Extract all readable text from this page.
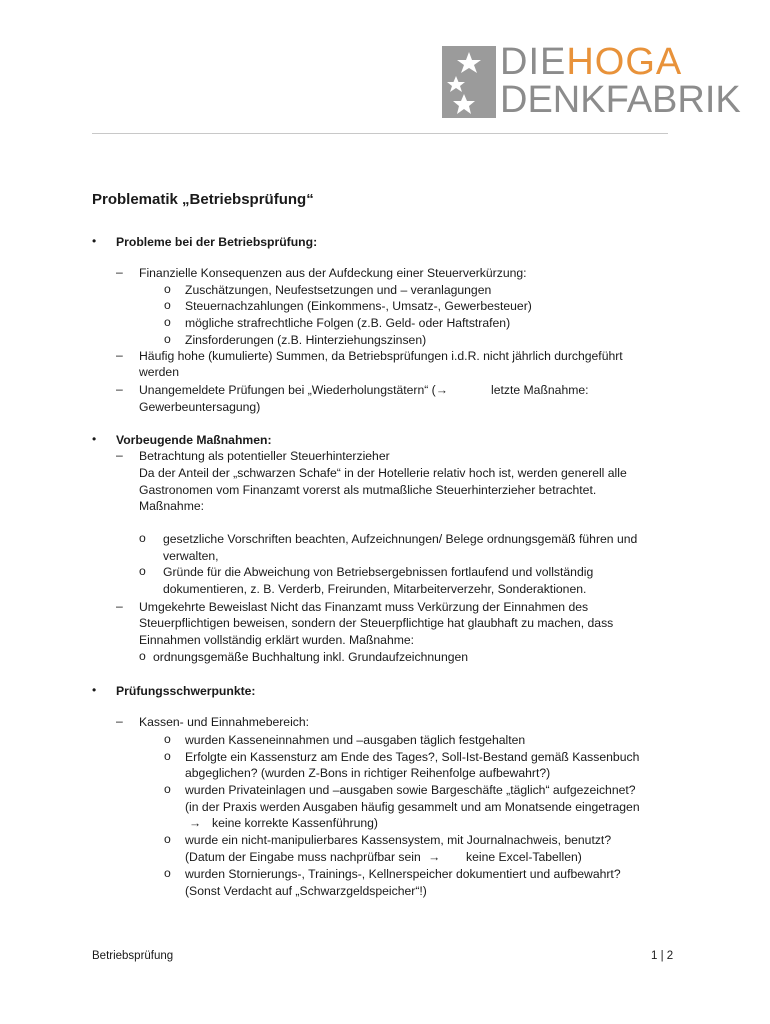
DIEHOGA
DENKFABRIK
Problematik „Betriebsprüfung“
• Probleme bei der Betriebsprüfung:
– Finanzielle Konsequenzen aus der Aufdeckung einer Steuerverkürzung:
o Zuschätzungen, Neufestsetzungen und – veranlagungen
o Steuernachzahlungen (Einkommens-, Umsatz-, Gewerbesteuer)
o mögliche strafrechtliche Folgen (z.B. Geld- oder Haftstrafen)
o Zinsforderungen (z.B. Hinterziehungszinsen)
– Häufig hohe (kumulierte) Summen, da Betriebsprüfungen i.d.R. nicht jährlich durchgeführt
werden
– Unangemeldete Prüfungen bei „Wiederholungstätern“ (→	letzte Maßnahme:
Gewerbeuntersagung)
• Vorbeugende Maßnahmen:
– Betrachtung als potentieller Steuerhinterzieher
Da der Anteil der „schwarzen Schafe“ in der Hotellerie relativ hoch ist, werden generell alle
Gastronomen vom Finanzamt vorerst als mutmaßliche Steuerhinterzieher betrachtet.
Maßnahme:
o gesetzliche Vorschriften beachten, Aufzeichnungen/ Belege ordnungsgemäß führen und
verwalten,
o Gründe für die Abweichung von Betriebsergebnissen fortlaufend und vollständig
dokumentieren, z. B. Verderb, Freirunden, Mitarbeiterverzehr, Sonderaktionen.
– Umgekehrte Beweislast Nicht das Finanzamt muss Verkürzung der Einnahmen des
Steuerpflichtigen beweisen, sondern der Steuerpflichtige hat glaubhaft zu machen, dass
Einnahmen vollständig erklärt wurden. Maßnahme:
o ordnungsgemäße Buchhaltung inkl. Grundaufzeichnungen
• Prüfungsschwerpunkte:
– Kassen- und Einnahmebereich:
o wurden Kasseneinnahmen und –ausgaben täglich festgehalten
o Erfolgte ein Kassensturz am Ende des Tages?, Soll-Ist-Bestand gemäß Kassenbuch
abgeglichen? (wurden Z-Bons in richtiger Reihenfolge aufbewahrt?)
o wurden Privateinlagen und –ausgaben sowie Bargeschäfte „täglich“ aufgezeichnet?
(in der Praxis werden Ausgaben häufig gesammelt und am Monatsende eingetragen
→ keine korrekte Kassenführung)
o wurde ein nicht-manipulierbares Kassensystem, mit Journalnachweis, benutzt?
(Datum der Eingabe muss nachprüfbar sein → keine Excel-Tabellen)
o wurden Stornierungs-, Trainings-, Kellnerspeicher dokumentiert und aufbewahrt?
(Sonst Verdacht auf „Schwarzgeldspeicher“!)
Betriebsprüfung	1 | 2
